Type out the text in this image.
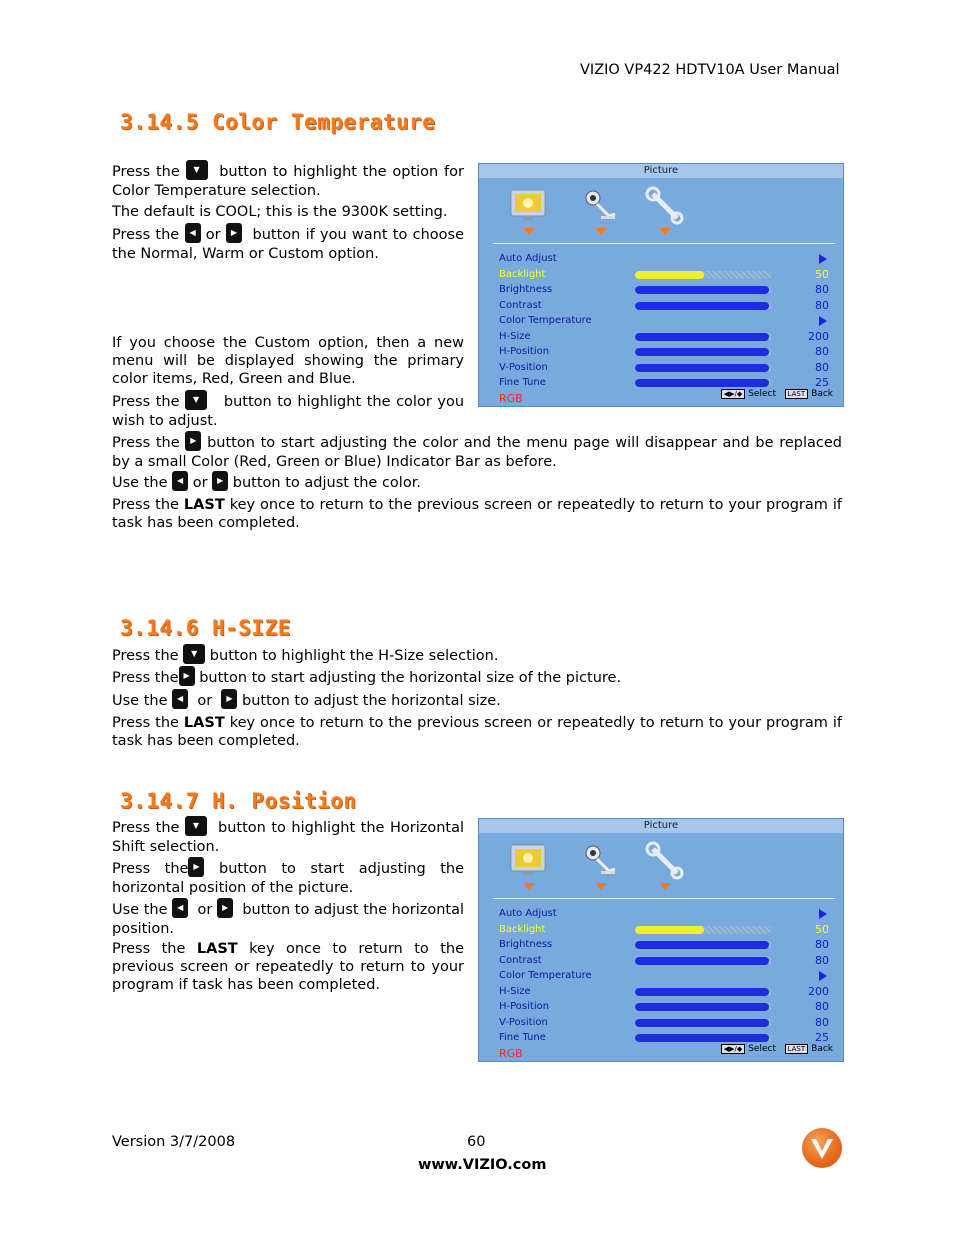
VIZIO VP422 HDTV10A User Manual
3.14.5 Color Temperature

Press the	▼	button to highlight the option for Color Temperature selection.

The default is COOL; this is the 9300K setting.

Press the	◀ or	▶	button if you want to choose the Normal, Warm or Custom option.

If you choose the Custom option, then a new menu will be displayed showing the primary color items, Red, Green and Blue.

Press the	▼	button to highlight the color you wish to adjust.

Press the	▶ button to start adjusting the color and the menu page will disappear and be replaced by a small Color (Red, Green or Blue) Indicator Bar as before.

Use the	◀ or	▶ button to adjust the color.

Press the LAST key once to return to the previous screen or repeatedly to return to your program if task has been completed.

Picture
Auto Adjust
Backlight	50
Brightness	80
Contrast	80
Color Temperature
H-Size	200
H-Position	80
V-Position	80
Fine Tune	25
RGB	◀▶/◆ Select LAST Back
3.14.6 H-SIZE

Press the	▼ button to highlight the H-Size selection.

Press the ▶ button to start adjusting the horizontal size of the picture.

Use the	◀ or	▶ button to adjust the horizontal size.

Press the LAST key once to return to the previous screen or repeatedly to return to your program if task has been completed.

3.14.7 H. Position

Press the	▼	button to highlight the Horizontal Shift selection.

Press the ▶	button to start adjusting the horizontal position of the picture.

Use the	◀ or	▶ button to adjust the horizontal position.

Press the LAST key once to return to the previous screen or repeatedly to return to your program if task has been completed.

Picture
Auto Adjust
Backlight	50
Brightness	80
Contrast	80
Color Temperature
H-Size	200
H-Position	80
V-Position	80
Fine Tune	25
RGB	◀▶/◆ Select LAST Back
Version 3/7/2008	60
www.VIZIO.com
